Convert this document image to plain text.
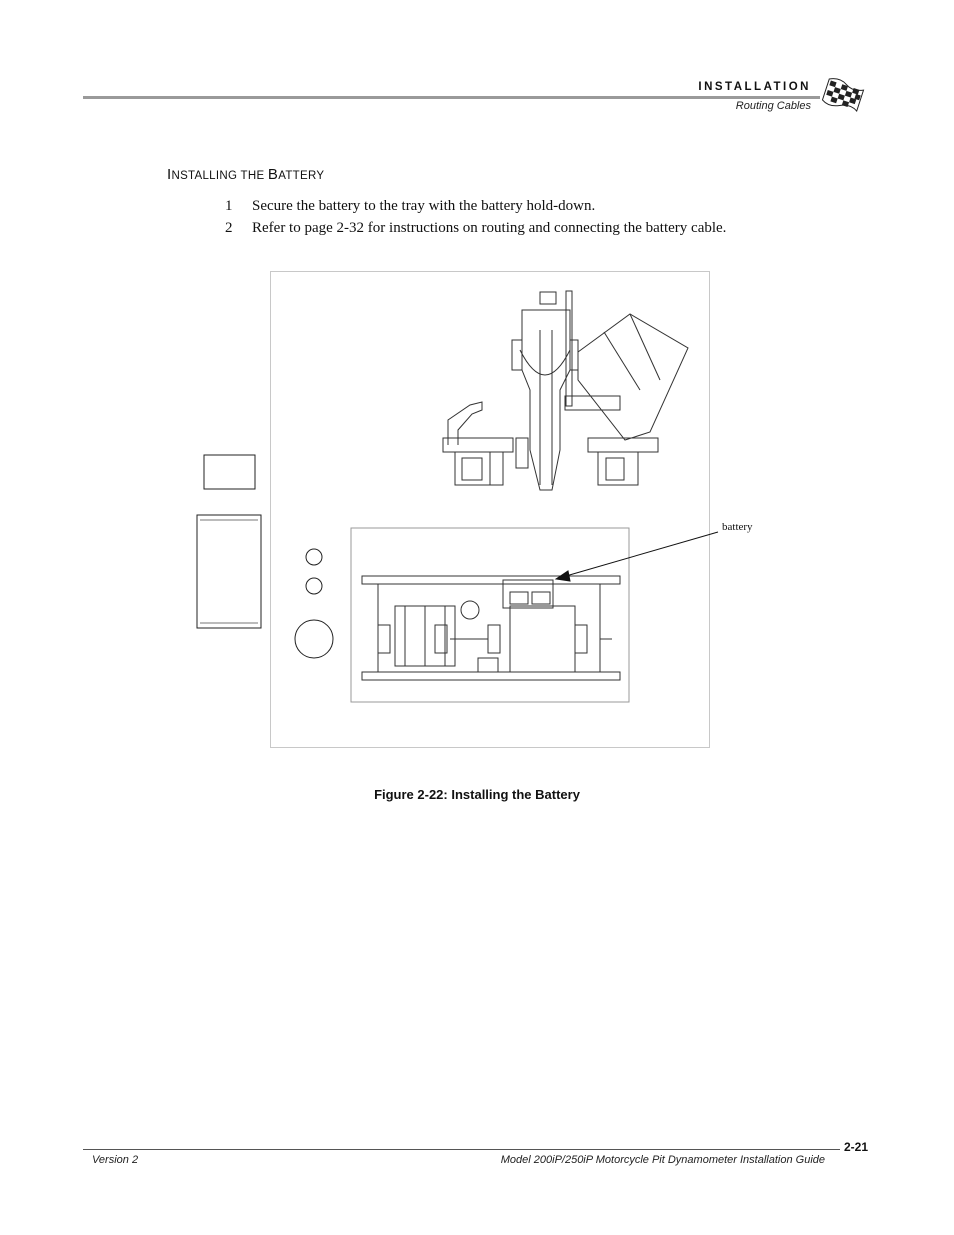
INSTALLATION
Routing Cables
INSTALLING THE BATTERY
1 Secure the battery to the tray with the battery hold-down.
2 Refer to page 2-32 for instructions on routing and connecting the battery cable.
battery
Figure 2-22: Installing the Battery
2-21
Version 2	Model 200iP/250iP Motorcycle Pit Dynamometer Installation Guide
